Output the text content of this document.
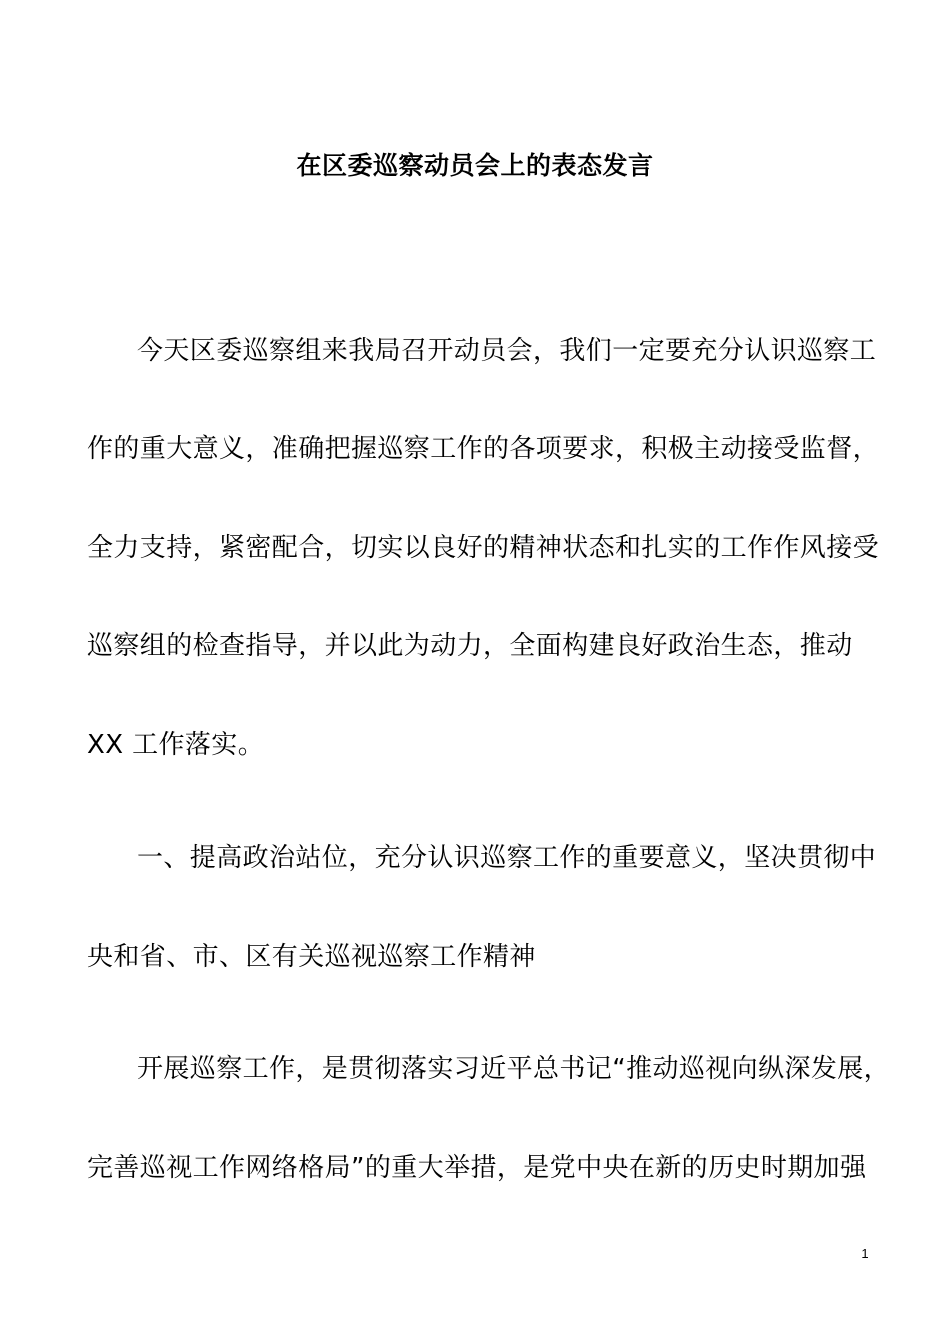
在区委巡察动员会上的表态发言
今天区委巡察组来我局召开动员会，我们一定要充分认识巡察工
作的重大意义，准确把握巡察工作的各项要求，积极主动接受监督，
全力支持，紧密配合，切实以良好的精神状态和扎实的工作作风接受
巡察组的检查指导，并以此为动力，全面构建良好政治生态，推动
XX 工作落实。
一、提高政治站位，充分认识巡察工作的重要意义，坚决贯彻中
央和省、市、区有关巡视巡察工作精神
开展巡察工作，是贯彻落实习近平总书记“推动巡视向纵深发展，
完善巡视工作网络格局”的重大举措，是党中央在新的历史时期加强
1
